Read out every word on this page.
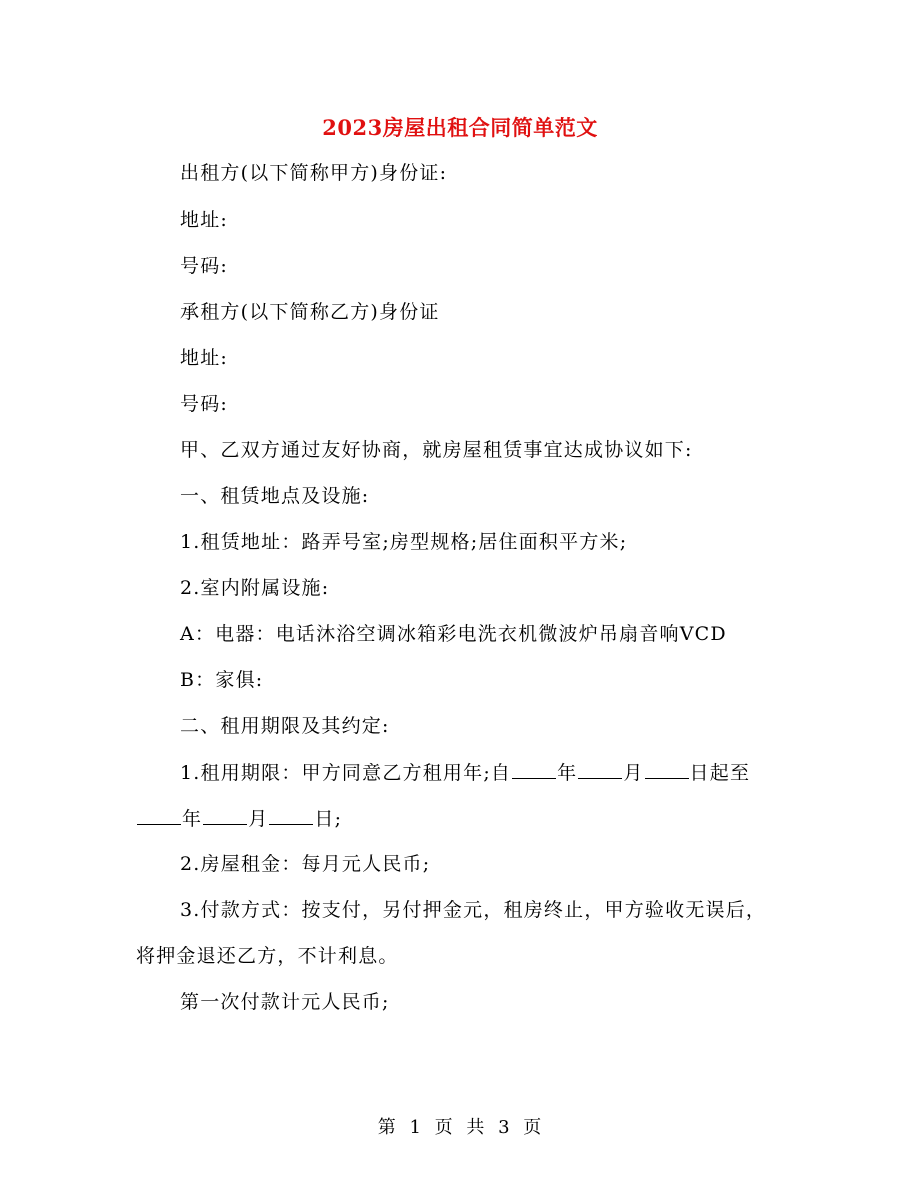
2023房屋出租合同简单范文
出租方(以下简称甲方)身份证:
地址:
号码:
承租方(以下简称乙方)身份证
地址:
号码:
甲、乙双方通过友好协商，就房屋租赁事宜达成协议如下:
一、租赁地点及设施:
1.租赁地址：路弄号室;房型规格;居住面积平方米;
2.室内附属设施:
A：电器：电话沐浴空调冰箱彩电洗衣机微波炉吊扇音响VCD
B：家俱:
二、租用期限及其约定:
1.租用期限：甲方同意乙方租用年;自 年 月 日起至
年 月 日;
2.房屋租金：每月元人民币;
3.付款方式：按支付，另付押金元，租房终止，甲方验收无误后，
将押金退还乙方，不计利息。
第一次付款计元人民币;
第 1 页 共 3 页
